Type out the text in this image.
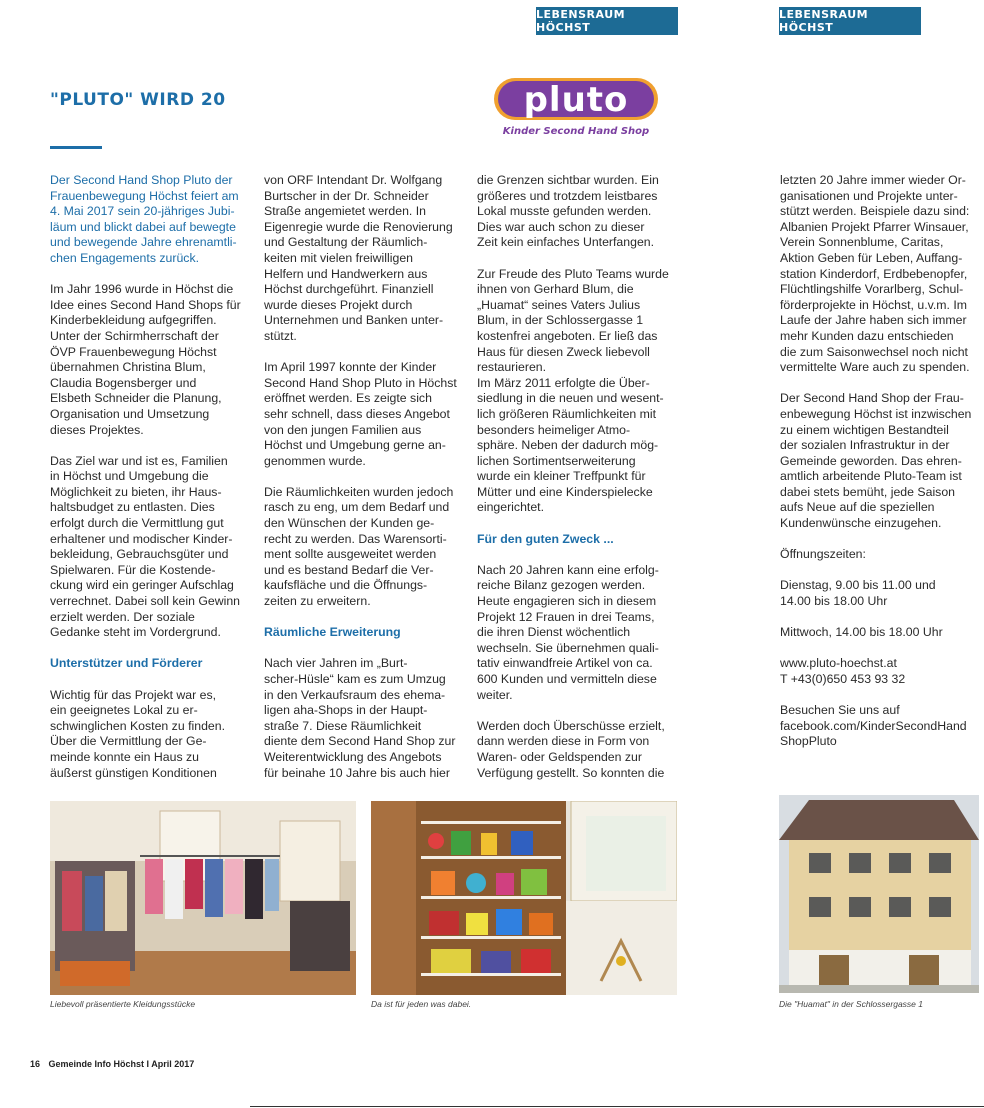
LEBENSRAUM HÖCHST
LEBENSRAUM HÖCHST
"PLUTO" WIRD 20	pluto
Kinder Second Hand Shop

Der Second Hand Shop Pluto der
Frauenbewegung Höchst feiert am
4. Mai 2017 sein 20-jähriges Jubi-
läum und blickt dabei auf bewegte
und bewegende Jahre ehrenamtli-
chen Engagements zurück.

Im Jahr 1996 wurde in Höchst die
Idee eines Second Hand Shops für
Kinderbekleidung aufgegriffen.
Unter der Schirmherrschaft der
ÖVP Frauenbewegung Höchst
übernahmen Christina Blum,
Claudia Bogensberger und
Elsbeth Schneider die Planung,
Organisation und Umsetzung
dieses Projektes.

Das Ziel war und ist es, Familien
in Höchst und Umgebung die
Möglichkeit zu bieten, ihr Haus-
haltsbudget zu entlasten. Dies
erfolgt durch die Vermittlung gut
erhaltener und modischer Kinder-
bekleidung, Gebrauchsgüter und
Spielwaren. Für die Kostende-
ckung wird ein geringer Aufschlag
verrechnet. Dabei soll kein Gewinn
erzielt werden. Der soziale
Gedanke steht im Vordergrund.

Unterstützer und Förderer

Wichtig für das Projekt war es,
ein geeignetes Lokal zu er-
schwinglichen Kosten zu finden.
Über die Vermittlung der Ge-
meinde konnte ein Haus zu
äußerst günstigen Konditionen

von ORF Intendant Dr. Wolfgang
Burtscher in der Dr. Schneider
Straße angemietet werden. In
Eigenregie wurde die Renovierung
und Gestaltung der Räumlich-
keiten mit vielen freiwilligen
Helfern und Handwerkern aus
Höchst durchgeführt. Finanziell
wurde dieses Projekt durch
Unternehmen und Banken unter-
stützt.

Im April 1997 konnte der Kinder
Second Hand Shop Pluto in Höchst
eröffnet werden. Es zeigte sich
sehr schnell, dass dieses Angebot
von den jungen Familien aus
Höchst und Umgebung gerne an-
genommen wurde.

Die Räumlichkeiten wurden jedoch
rasch zu eng, um dem Bedarf und
den Wünschen der Kunden ge-
recht zu werden. Das Warensorti-
ment sollte ausgeweitet werden
und es bestand Bedarf die Ver-
kaufsfläche und die Öffnungs-
zeiten zu erweitern.

Räumliche Erweiterung

Nach vier Jahren im „Burt-
scher-Hüsle“ kam es zum Umzug
in den Verkaufsraum des ehema-
ligen aha-Shops in der Haupt-
straße 7. Diese Räumlichkeit
diente dem Second Hand Shop zur
Weiterentwicklung des Angebots
für beinahe 10 Jahre bis auch hier

die Grenzen sichtbar wurden. Ein
größeres und trotzdem leistbares
Lokal musste gefunden werden.
Dies war auch schon zu dieser
Zeit kein einfaches Unterfangen.

Zur Freude des Pluto Teams wurde
ihnen von Gerhard Blum, die
„Huamat“ seines Vaters Julius
Blum, in der Schlossergasse 1
kostenfrei angeboten. Er ließ das
Haus für diesen Zweck liebevoll
restaurieren.
Im März 2011 erfolgte die Über-
siedlung in die neuen und wesent-
lich größeren Räumlichkeiten mit
besonders heimeliger Atmo-
sphäre. Neben der dadurch mög-
lichen Sortimentserweiterung
wurde ein kleiner Treffpunkt für
Mütter und eine Kinderspielecke
eingerichtet.

Für den guten Zweck ...

Nach 20 Jahren kann eine erfolg-
reiche Bilanz gezogen werden.
Heute engagieren sich in diesem
Projekt 12 Frauen in drei Teams,
die ihren Dienst wöchentlich
wechseln. Sie übernehmen quali-
tativ einwandfreie Artikel von ca.
600 Kunden und vermitteln diese
weiter.

Werden doch Überschüsse erzielt,
dann werden diese in Form von
Waren- oder Geldspenden zur
Verfügung gestellt. So konnten die

letzten 20 Jahre immer wieder Or-
ganisationen und Projekte unter-
stützt werden. Beispiele dazu sind:
Albanien Projekt Pfarrer Winsauer,
Verein Sonnenblume, Caritas,
Aktion Geben für Leben, Auffang-
station Kinderdorf, Erdbebenopfer,
Flüchtlingshilfe Vorarlberg, Schul-
förderprojekte in Höchst, u.v.m. Im
Laufe der Jahre haben sich immer
mehr Kunden dazu entschieden
die zum Saisonwechsel noch nicht
vermittelte Ware auch zu spenden.

Der Second Hand Shop der Frau-
enbewegung Höchst ist inzwischen
zu einem wichtigen Bestandteil
der sozialen Infrastruktur in der
Gemeinde geworden. Das ehren-
amtlich arbeitende Pluto-Team ist
dabei stets bemüht, jede Saison
aufs Neue auf die speziellen
Kundenwünsche einzugehen.

Öffnungszeiten:

Dienstag, 9.00 bis 11.00 und
14.00 bis 18.00 Uhr

Mittwoch, 14.00 bis 18.00 Uhr

www.pluto-hoechst.at
T +43(0)650 453 93 32

Besuchen Sie uns auf
facebook.com/KinderSecondHand
ShopPluto

Liebevoll präsentierte Kleidungsstücke	Da ist für jeden was dabei.	Die "Huamat" in der Schlossergasse 1
16 Gemeinde Info Höchst I April 2017
